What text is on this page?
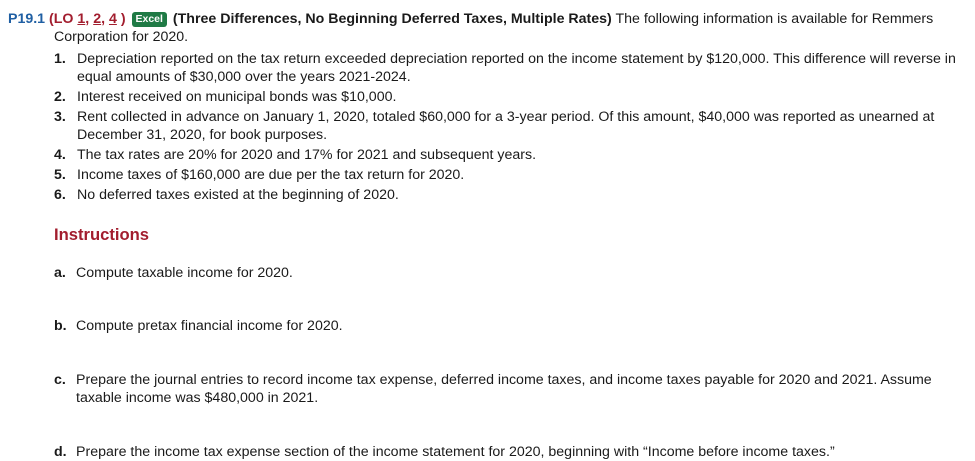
P19.1 (LO 1, 2, 4 ) Excel (Three Differences, No Beginning Deferred Taxes, Multiple Rates) The following information is available for Remmers
Corporation for 2020.
1. Depreciation reported on the tax return exceeded depreciation reported on the income statement by $120,000. This difference will reverse in equal amounts of $30,000 over the years 2021-2024.
2. Interest received on municipal bonds was $10,000.
3. Rent collected in advance on January 1, 2020, totaled $60,000 for a 3-year period. Of this amount, $40,000 was reported as unearned at December 31, 2020, for book purposes.
4. The tax rates are 20% for 2020 and 17% for 2021 and subsequent years.
5. Income taxes of $160,000 are due per the tax return for 2020.
6. No deferred taxes existed at the beginning of 2020.
Instructions
a. Compute taxable income for 2020.
b. Compute pretax financial income for 2020.
c. Prepare the journal entries to record income tax expense, deferred income taxes, and income taxes payable for 2020 and 2021. Assume taxable income was $480,000 in 2021.
d. Prepare the income tax expense section of the income statement for 2020, beginning with “Income before income taxes.”
